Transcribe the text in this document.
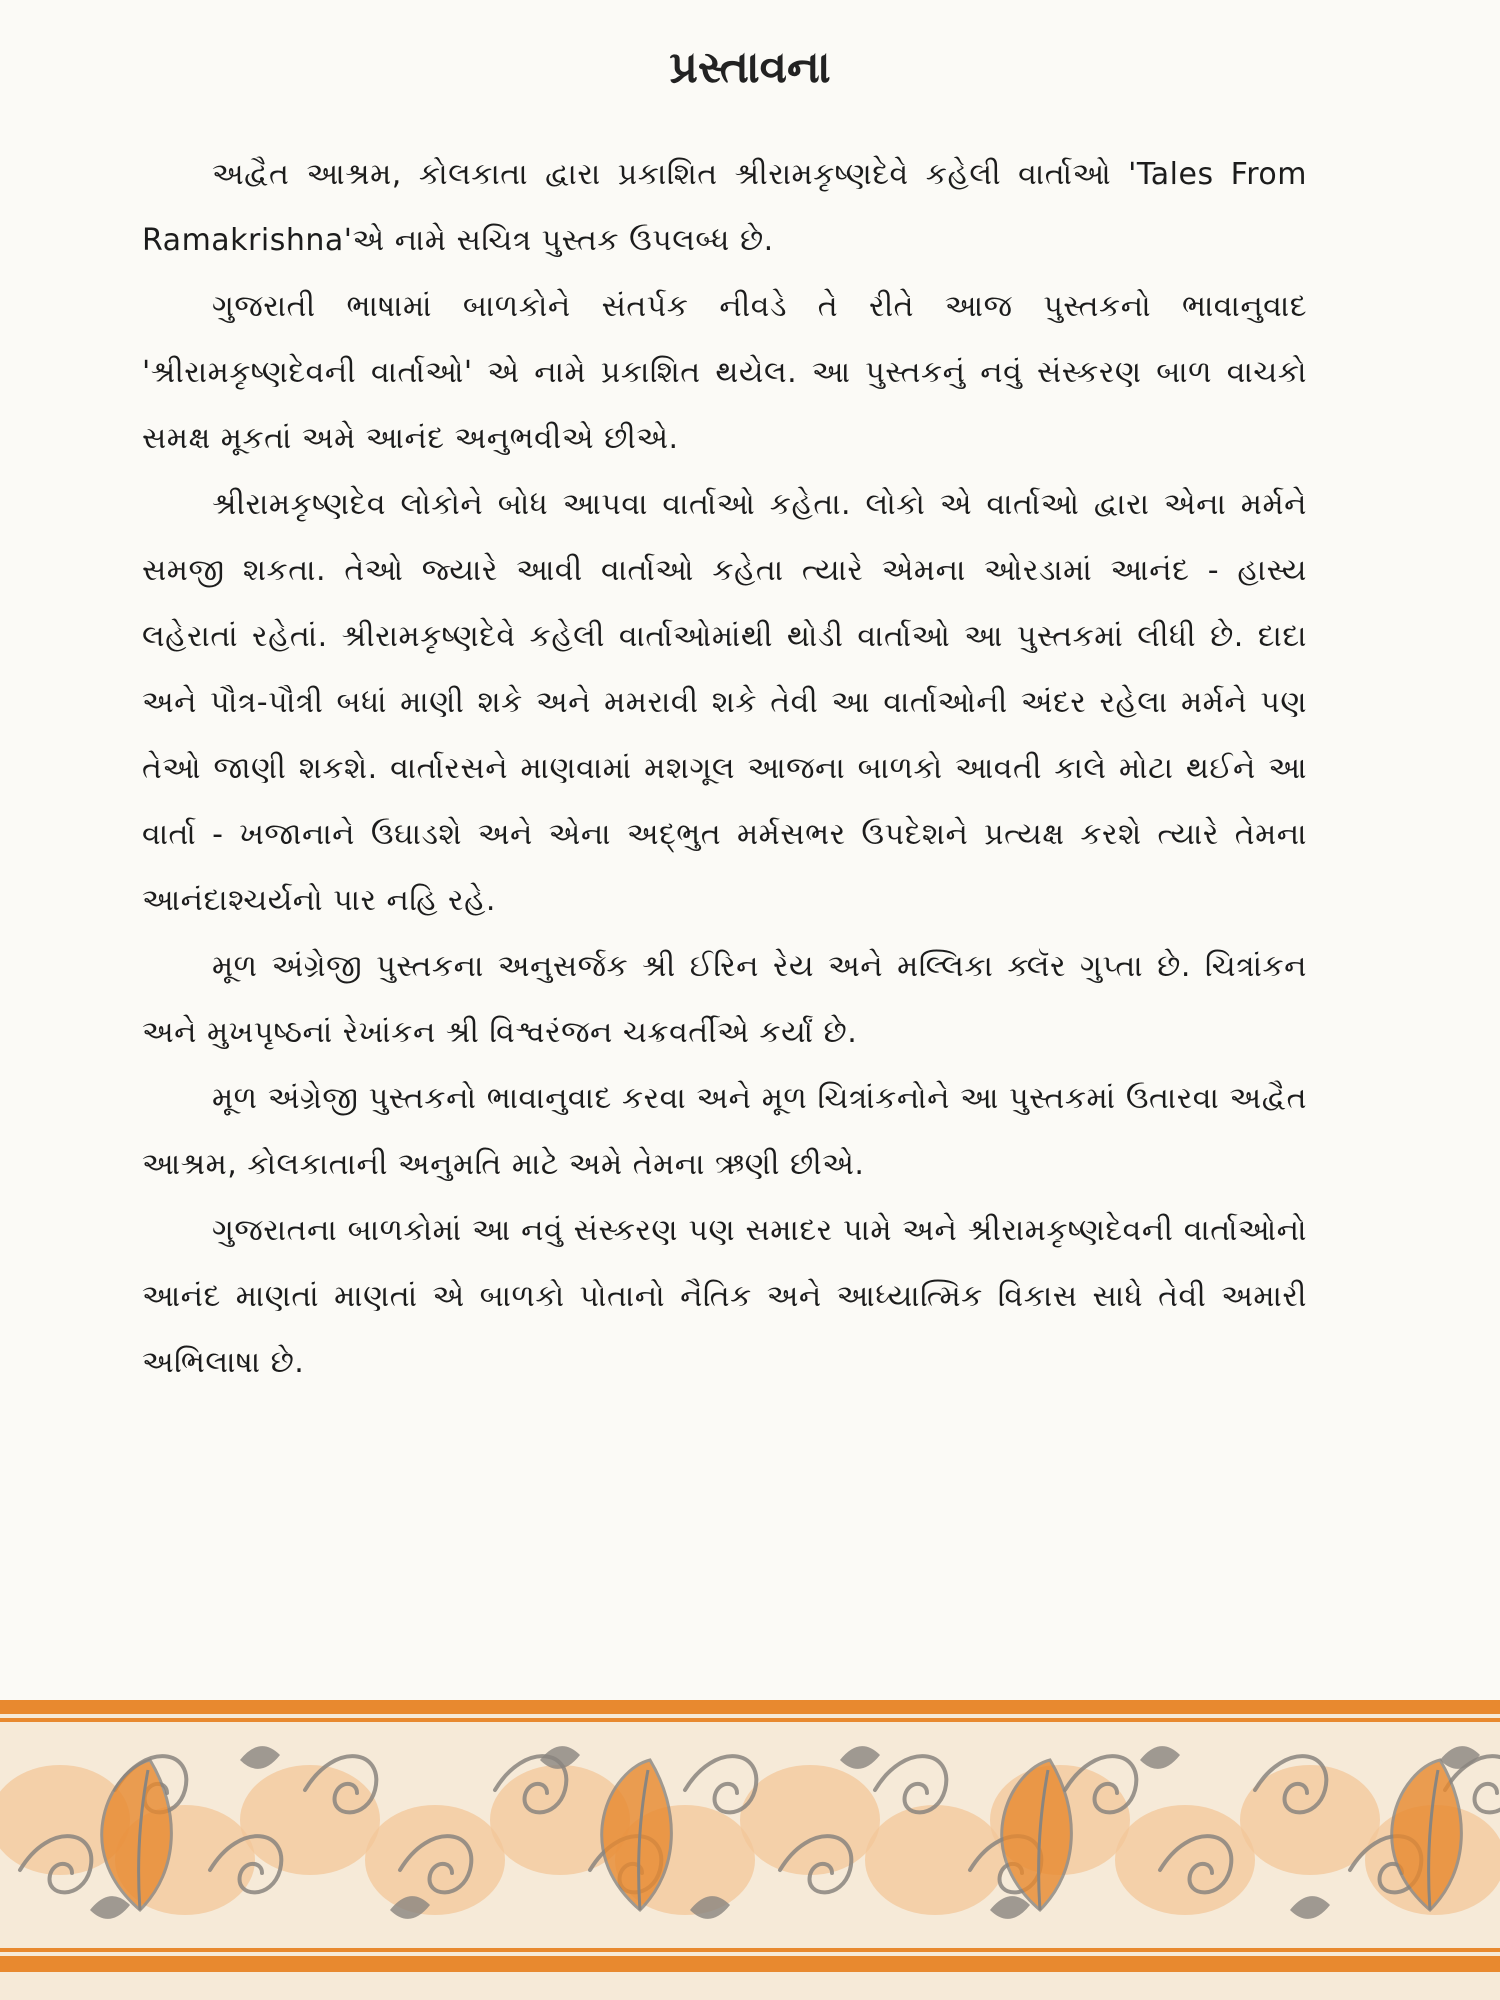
પ્રસ્તાવના

અદ્વૈત આશ્રમ, કોલકાતા દ્વારા પ્રકાશિત શ્રીરામકૃષ્ણદેવે કહેલી વાર્તાઓ 'Tales From Ramakrishna'એ નામે સચિત્ર પુસ્તક ઉપલબ્ધ છે.

ગુજરાતી ભાષામાં બાળકોને સંતર્પક નીવડે તે રીતે આજ પુસ્તકનો ભાવાનુવાદ 'શ્રીરામકૃષ્ણદેવની વાર્તાઓ' એ નામે પ્રકાશિત થયેલ. આ પુસ્તકનું નવું સંસ્કરણ બાળ વાચકો સમક્ષ મૂકતાં અમે આનંદ અનુભવીએ છીએ.

શ્રીરામકૃષ્ણદેવ લોકોને બોધ આપવા વાર્તાઓ કહેતા. લોકો એ વાર્તાઓ દ્વારા એના મર્મને સમજી શકતા. તેઓ જ્યારે આવી વાર્તાઓ કહેતા ત્યારે એમના ઓરડામાં આનંદ - હાસ્ય લહેરાતાં રહેતાં. શ્રીરામકૃષ્ણદેવે કહેલી વાર્તાઓમાંથી થોડી વાર્તાઓ આ પુસ્તકમાં લીધી છે. દાદા અને પૌત્ર-પૌત્રી બધાં માણી શકે અને મમરાવી શકે તેવી આ વાર્તાઓની અંદર રહેલા મર્મને પણ તેઓ જાણી શકશે. વાર્તારસને માણવામાં મશગૂલ આજના બાળકો આવતી કાલે મોટા થઈને આ વાર્તા - ખજાનાને ઉઘાડશે અને એના અદ્ભુત મર્મસભર ઉપદેશને પ્રત્યક્ષ કરશે ત્યારે તેમના આનંદાશ્ચર્યનો પાર નહિ રહે.

મૂળ અંગ્રેજી પુસ્તકના અનુસર્જક શ્રી ઈરિન રેય અને મલ્લિકા ક્લૅર ગુપ્તા છે. ચિત્રાંકન અને મુખપૃષ્ઠનાં રેખાંકન શ્રી વિશ્વરંજન ચક્રવર્તીએ કર્યાં છે.

મૂળ અંગ્રેજી પુસ્તકનો ભાવાનુવાદ કરવા અને મૂળ ચિત્રાંકનોને આ પુસ્તકમાં ઉતારવા અદ્વૈત આશ્રમ, કોલકાતાની અનુમતિ માટે અમે તેમના ઋણી છીએ.

ગુજરાતના બાળકોમાં આ નવું સંસ્કરણ પણ સમાદર પામે અને શ્રીરામકૃષ્ણદેવની વાર્તાઓનો આનંદ માણતાં માણતાં એ બાળકો પોતાનો નૈતિક અને આધ્યાત્મિક વિકાસ સાધે તેવી અમારી અભિલાષા છે.
